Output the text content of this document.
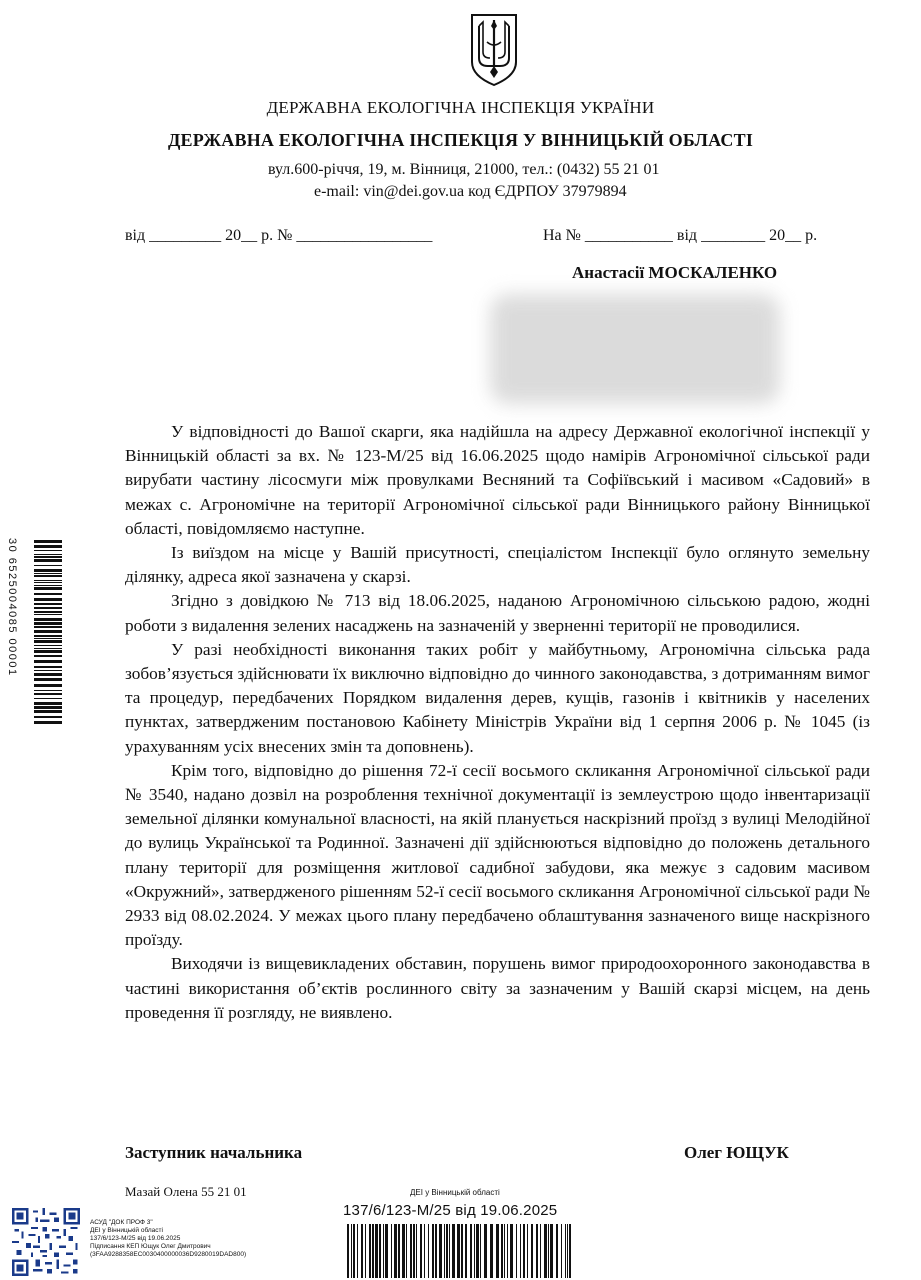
ДЕРЖАВНА ЕКОЛОГІЧНА ІНСПЕКЦІЯ УКРАЇНИ
ДЕРЖАВНА ЕКОЛОГІЧНА ІНСПЕКЦІЯ У ВІННИЦЬКІЙ ОБЛАСТІ
вул.600-річчя, 19, м. Вінниця, 21000, тел.: (0432) 55 21 01
e-mail: vin@dei.gov.ua код ЄДРПОУ 37979894
від _________ 20__ р. № _________________	На № ___________ від ________ 20__ р.
Анастасії МОСКАЛЕНКО

У відповідності до Вашої скарги, яка надійшла на адресу Державної екологічної інспекції у Вінницькій області за вх. № 123-М/25 від 16.06.2025 щодо намірів Агрономічної сільської ради вирубати частину лісосмуги між провулками Весняний та Софіївський і масивом «Садовий» в межах с. Агрономічне на території Агрономічної сільської ради Вінницького району Вінницької області, повідомляємо наступне.

Із виїздом на місце у Вашій присутності, спеціалістом Інспекції було оглянуто земельну ділянку, адреса якої зазначена у скарзі.

Згідно з довідкою № 713 від 18.06.2025, наданою Агрономічною сільською радою, жодні роботи з видалення зелених насаджень на зазначеній у зверненні території не проводилися.

У разі необхідності виконання таких робіт у майбутньому, Агрономічна сільська рада зобов’язується здійснювати їх виключно відповідно до чинного законодавства, з дотриманням вимог та процедур, передбачених Порядком видалення дерев, кущів, газонів і квітників у населених пунктах, затвердженим постановою Кабінету Міністрів України від 1 серпня 2006 р. № 1045 (із урахуванням усіх внесених змін та доповнень).

Крім того, відповідно до рішення 72-ї сесії восьмого скликання Агрономічної сільської ради № 3540, надано дозвіл на розроблення технічної документації із землеустрою щодо інвентаризації земельної ділянки комунальної власності, на якій планується наскрізний проїзд з вулиці Мелодійної до вулиць Української та Родинної. Зазначені дії здійснюються відповідно до положень детального плану території для розміщення житлової садибної забудови, яка межує з садовим масивом «Окружний», затвердженого рішенням 52-ї сесії восьмого скликання Агрономічної сільської ради № 2933 від 08.02.2024. У межах цього плану передбачено облаштування зазначеного вище наскрізного проїзду.

Виходячи із вищевикладених обставин, порушень вимог природоохоронного законодавства в частині використання об’єктів рослинного світу за зазначеним у Вашій скарзі місцем, на день проведення її розгляду, не виявлено.

Заступник начальника	Олег ЮЩУК
Мазай Олена 55 21 01
АСУД "ДОК ПРОФ 3"
ДЕІ у Вінницькій області
137/6/123-М/25 від 19.06.2025
Підписання КЕП Ющук Олег Дмитрович
(3FAA9288358EC0030400000036D9280019DAD800)
ДЕІ у Вінницькій області
137/6/123-М/25 від 19.06.2025
30 6525004085 00001
